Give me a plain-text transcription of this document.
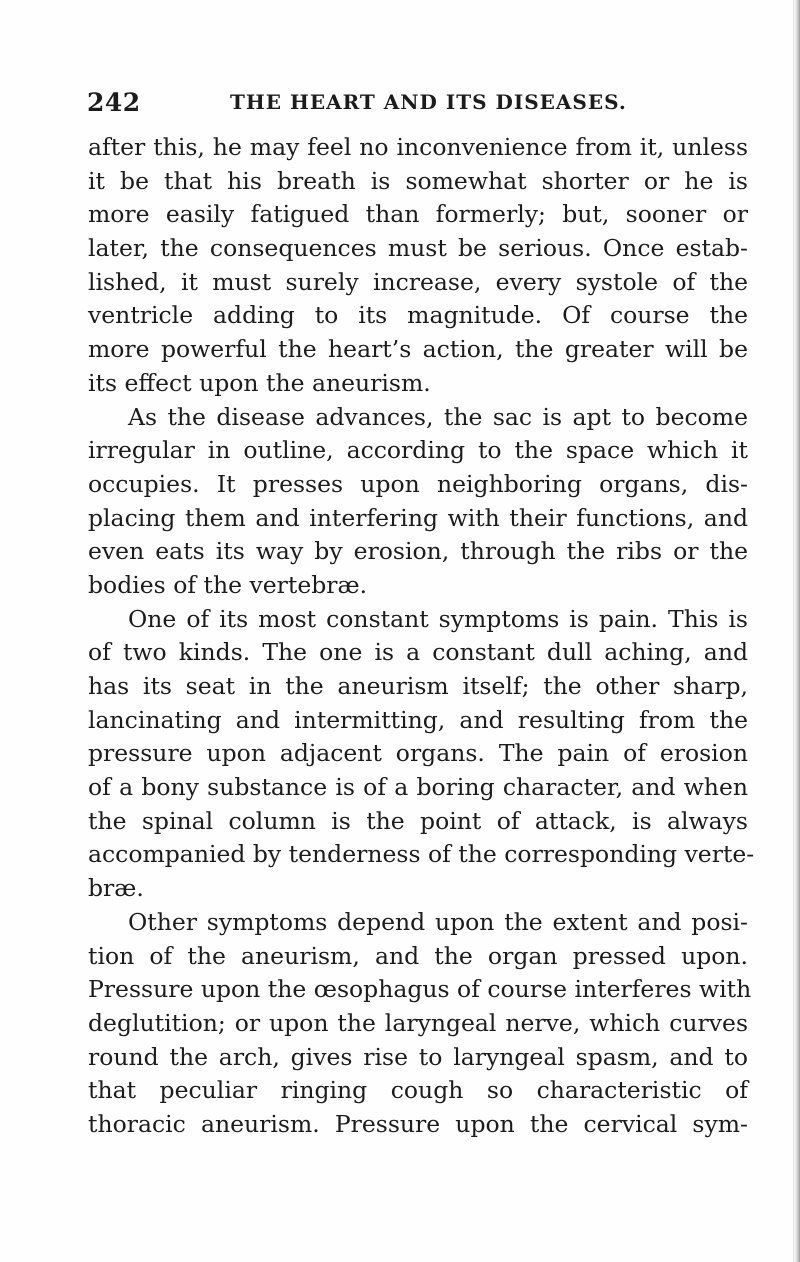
242	THE HEART AND ITS DISEASES.
after this, he may feel no inconvenience from it, unless
it be that his breath is somewhat shorter or he is
more easily fatigued than formerly; but, sooner or
later, the consequences must be serious. Once estab-
lished, it must surely increase, every systole of the
ventricle adding to its magnitude. Of course the
more powerful the heart’s action, the greater will be
its effect upon the aneurism.
As the disease advances, the sac is apt to become
irregular in outline, according to the space which it
occupies. It presses upon neighboring organs, dis-
placing them and interfering with their functions, and
even eats its way by erosion, through the ribs or the
bodies of the vertebræ.
One of its most constant symptoms is pain. This is
of two kinds. The one is a constant dull aching, and
has its seat in the aneurism itself; the other sharp,
lancinating and intermitting, and resulting from the
pressure upon adjacent organs. The pain of erosion
of a bony substance is of a boring character, and when
the spinal column is the point of attack, is always
accompanied by tenderness of the corresponding verte-
bræ.
Other symptoms depend upon the extent and posi-
tion of the aneurism, and the organ pressed upon.
Pressure upon the œsophagus of course interferes with
deglutition; or upon the laryngeal nerve, which curves
round the arch, gives rise to laryngeal spasm, and to
that peculiar ringing cough so characteristic of
thoracic aneurism. Pressure upon the cervical sym-
